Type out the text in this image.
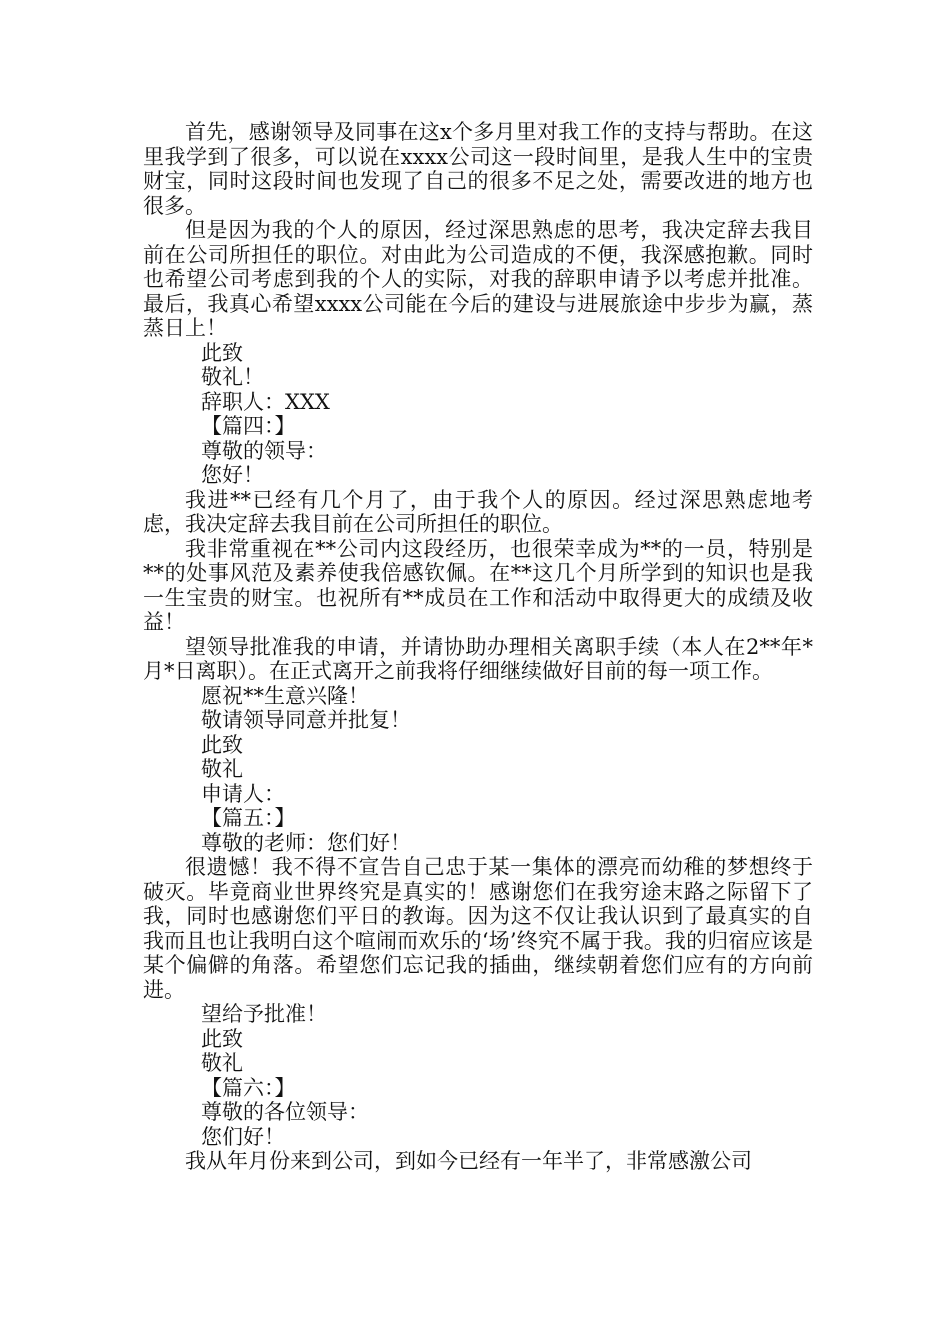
首先，感谢领导及同事在这x个多月里对我工作的支持与帮助。在这里我学到了很多，可以说在xxxx公司这一段时间里，是我人生中的宝贵财宝，同时这段时间也发现了自己的很多不足之处，需要改进的地方也很多。

但是因为我的个人的原因，经过深思熟虑的思考，我决定辞去我目前在公司所担任的职位。对由此为公司造成的不便，我深感抱歉。同时也希望公司考虑到我的个人的实际，对我的辞职申请予以考虑并批准。最后，我真心希望xxxx公司能在今后的建设与进展旅途中步步为赢，蒸蒸日上！

此致
敬礼！
辞职人：XXX
【篇四：】
尊敬的领导：
您好！

我进**已经有几个月了，由于我个人的原因。经过深思熟虑地考虑，我决定辞去我目前在公司所担任的职位。

我非常重视在**公司内这段经历，也很荣幸成为**的一员，特别是**的处事风范及素养使我倍感钦佩。在**这几个月所学到的知识也是我一生宝贵的财宝。也祝所有**成员在工作和活动中取得更大的成绩及收益！

望领导批准我的申请，并请协助办理相关离职手续（本人在2**年*月*日离职）。在正式离开之前我将仔细继续做好目前的每一项工作。

愿祝**生意兴隆！
敬请领导同意并批复！
此致
敬礼
申请人：
【篇五：】
尊敬的老师：您们好！

很遗憾！我不得不宣告自己忠于某一集体的漂亮而幼稚的梦想终于破灭。毕竟商业世界终究是真实的！感谢您们在我穷途末路之际留下了我，同时也感谢您们平日的教诲。因为这不仅让我认识到了最真实的自我而且也让我明白这个喧闹而欢乐的‘场’终究不属于我。我的归宿应该是某个偏僻的角落。希望您们忘记我的插曲，继续朝着您们应有的方向前进。

望给予批准！
此致
敬礼
【篇六：】
尊敬的各位领导：
您们好！

我从年月份来到公司，到如今已经有一年半了，非常感激公司
